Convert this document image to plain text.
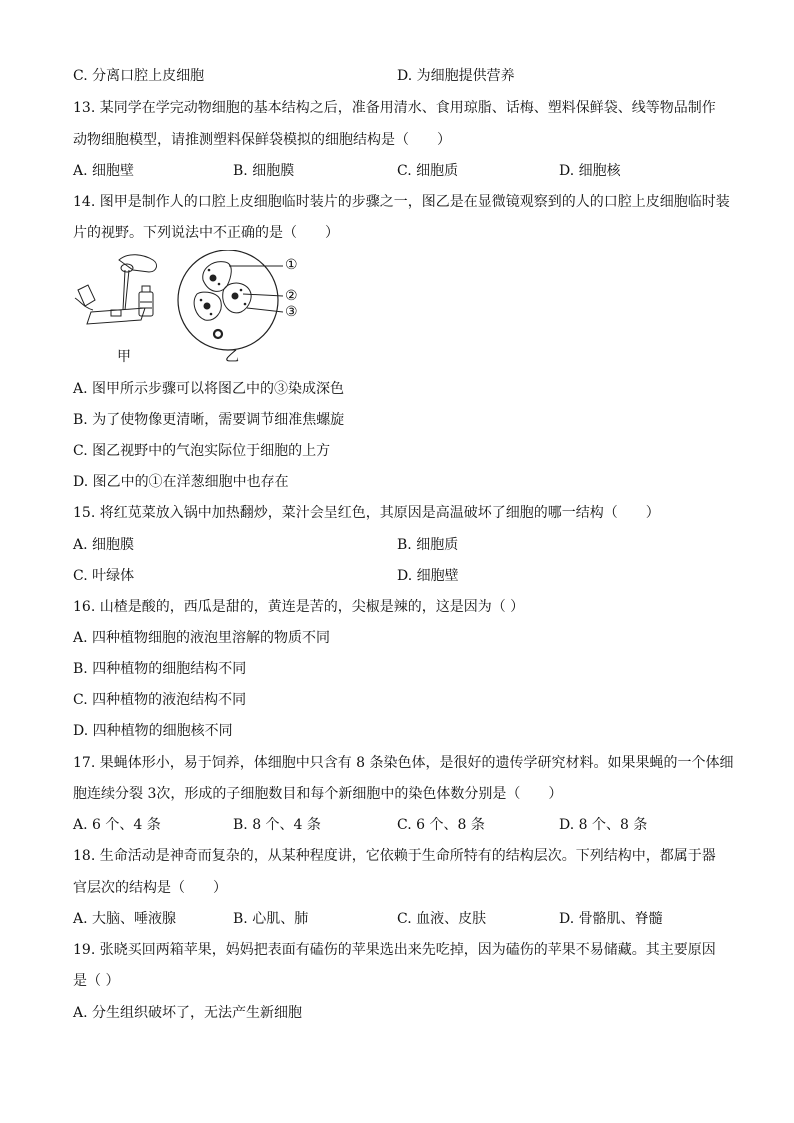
C. 分离口腔上皮细胞	D. 为细胞提供营养
13. 某同学在学完动物细胞的基本结构之后，准备用清水、食用琼脂、话梅、塑料保鲜袋、线等物品制作
动物细胞模型，请推测塑料保鲜袋模拟的细胞结构是（　　）
A. 细胞壁	B. 细胞膜	C. 细胞质	D. 细胞核
14. 图甲是制作人的口腔上皮细胞临时装片的步骤之一，图乙是在显微镜观察到的人的口腔上皮细胞临时装
片的视野。下列说法中不正确的是（　　）
①
②
③
甲	乙
A. 图甲所示步骤可以将图乙中的③染成深色
B. 为了使物像更清晰，需要调节细准焦螺旋
C. 图乙视野中的气泡实际位于细胞的上方
D. 图乙中的①在洋葱细胞中也存在
15. 将红苋菜放入锅中加热翻炒，菜汁会呈红色，其原因是高温破坏了细胞的哪一结构（　　）
A. 细胞膜	B. 细胞质
C. 叶绿体	D. 细胞壁
16. 山楂是酸的，西瓜是甜的，黄连是苦的，尖椒是辣的，这是因为（ ）
A. 四种植物细胞的液泡里溶解的物质不同
B. 四种植物的细胞结构不同
C. 四种植物的液泡结构不同
D. 四种植物的细胞核不同
17. 果蝇体形小，易于饲养，体细胞中只含有 8 条染色体，是很好的遗传学研究材料。如果果蝇的一个体细
胞连续分裂 3次，形成的子细胞数目和每个新细胞中的染色体数分别是（　　）
A. 6 个、4 条	B. 8 个、4 条	C. 6 个、8 条	D. 8 个、8 条
18. 生命活动是神奇而复杂的，从某种程度讲，它依赖于生命所特有的结构层次。下列结构中，都属于器
官层次的结构是（　　）
A. 大脑、唾液腺	B. 心肌、肺	C. 血液、皮肤	D. 骨骼肌、脊髓
19. 张晓买回两箱苹果，妈妈把表面有磕伤的苹果选出来先吃掉，因为磕伤的苹果不易储藏。其主要原因
是（ ）
A. 分生组织破坏了，无法产生新细胞
